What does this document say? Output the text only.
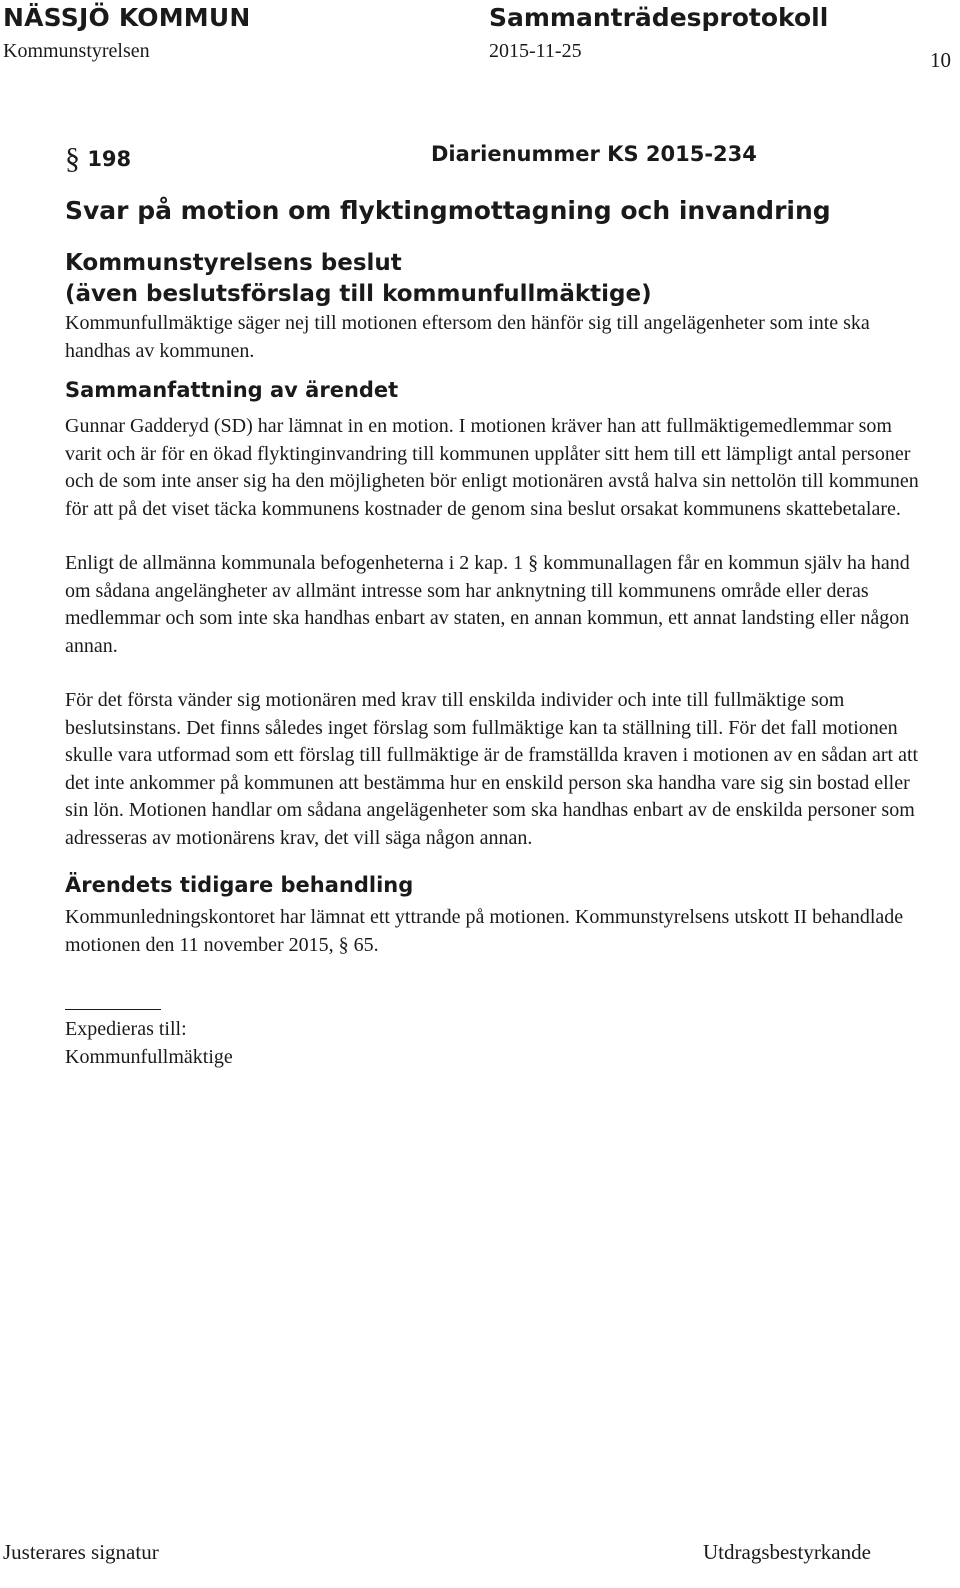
NÄSSJÖ KOMMUN	Sammanträdesprotokoll
Kommunstyrelsen	2015-11-25	10
§ 198	Diarienummer KS 2015-234
Svar på motion om flyktingmottagning och invandring
Kommunstyrelsens beslut
(även beslutsförslag till kommunfullmäktige)

Kommunfullmäktige säger nej till motionen eftersom den hänför sig till angelägenheter som inte ska handhas av kommunen.

Sammanfattning av ärendet

Gunnar Gadderyd (SD) har lämnat in en motion. I motionen kräver han att fullmäktigemedlemmar som varit och är för en ökad flyktinginvandring till kommunen upplåter sitt hem till ett lämpligt antal personer och de som inte anser sig ha den möjligheten bör enligt motionären avstå halva sin nettolön till kommunen för att på det viset täcka kommunens kostnader de genom sina beslut orsakat kommunens skattebetalare.

Enligt de allmänna kommunala befogenheterna i 2 kap. 1 § kommunallagen får en kommun själv ha hand om sådana angelängheter av allmänt intresse som har anknytning till kommunens område eller deras medlemmar och som inte ska handhas enbart av staten, en annan kommun, ett annat landsting eller någon annan.

För det första vänder sig motionären med krav till enskilda individer och inte till fullmäktige som beslutsinstans. Det finns således inget förslag som fullmäktige kan ta ställning till. För det fall motionen skulle vara utformad som ett förslag till fullmäktige är de framställda kraven i motionen av en sådan art att det inte ankommer på kommunen att bestämma hur en enskild person ska handha vare sig sin bostad eller sin lön. Motionen handlar om sådana angelägenheter som ska handhas enbart av de enskilda personer som adresseras av motionärens krav, det vill säga någon annan.

Ärendets tidigare behandling

Kommunledningskontoret har lämnat ett yttrande på motionen. Kommunstyrelsens utskott II behandlade motionen den 11 november 2015, § 65.

Expedieras till:

Kommunfullmäktige

Justerares signatur	Utdragsbestyrkande
